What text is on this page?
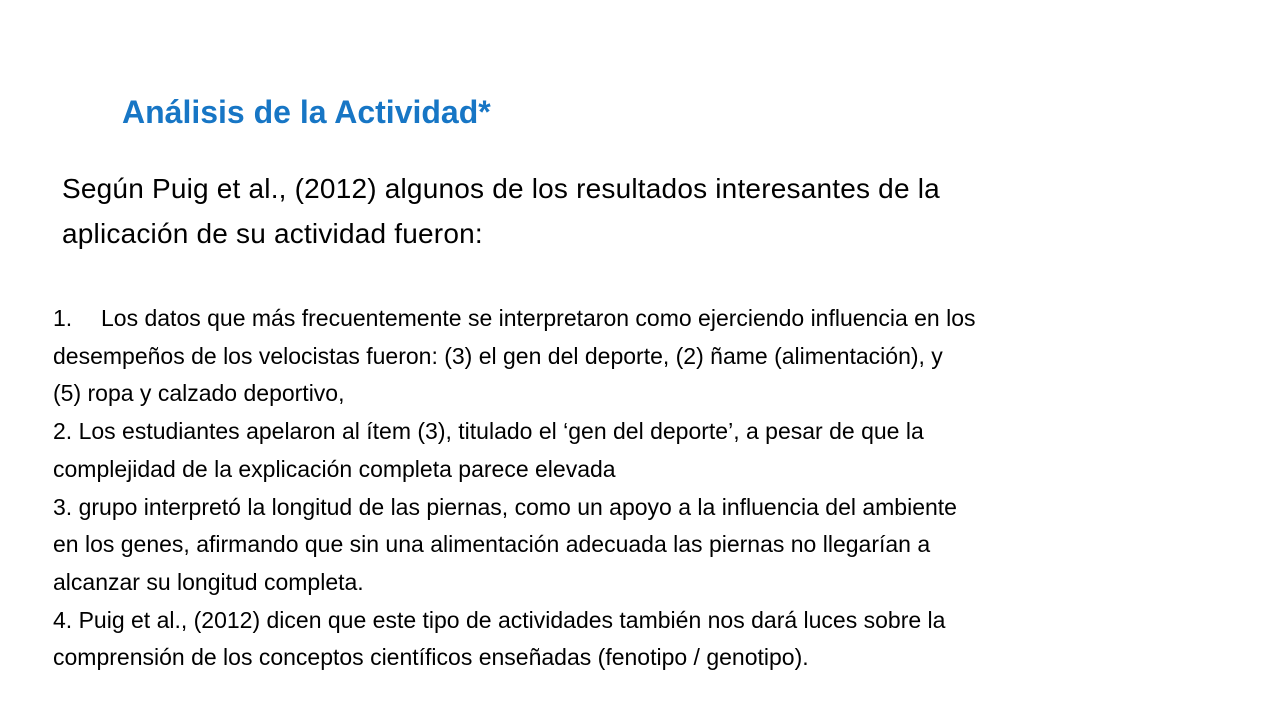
Análisis de la Actividad*
Según Puig et al., (2012) algunos de los resultados interesantes de la
aplicación de su actividad fueron:
1. Los datos que más frecuentemente se interpretaron como ejerciendo influencia en los
desempeños de los velocistas fueron: (3) el gen del deporte, (2) ñame (alimentación), y
(5) ropa y calzado deportivo,
2. Los estudiantes apelaron al ítem (3), titulado el ‘gen del deporte’, a pesar de que la
complejidad de la explicación completa parece elevada
3. grupo interpretó la longitud de las piernas, como un apoyo a la influencia del ambiente
en los genes, afirmando que sin una alimentación adecuada las piernas no llegarían a
alcanzar su longitud completa.
4. Puig et al., (2012) dicen que este tipo de actividades también nos dará luces sobre la
comprensión de los conceptos científicos enseñadas (fenotipo / genotipo).
